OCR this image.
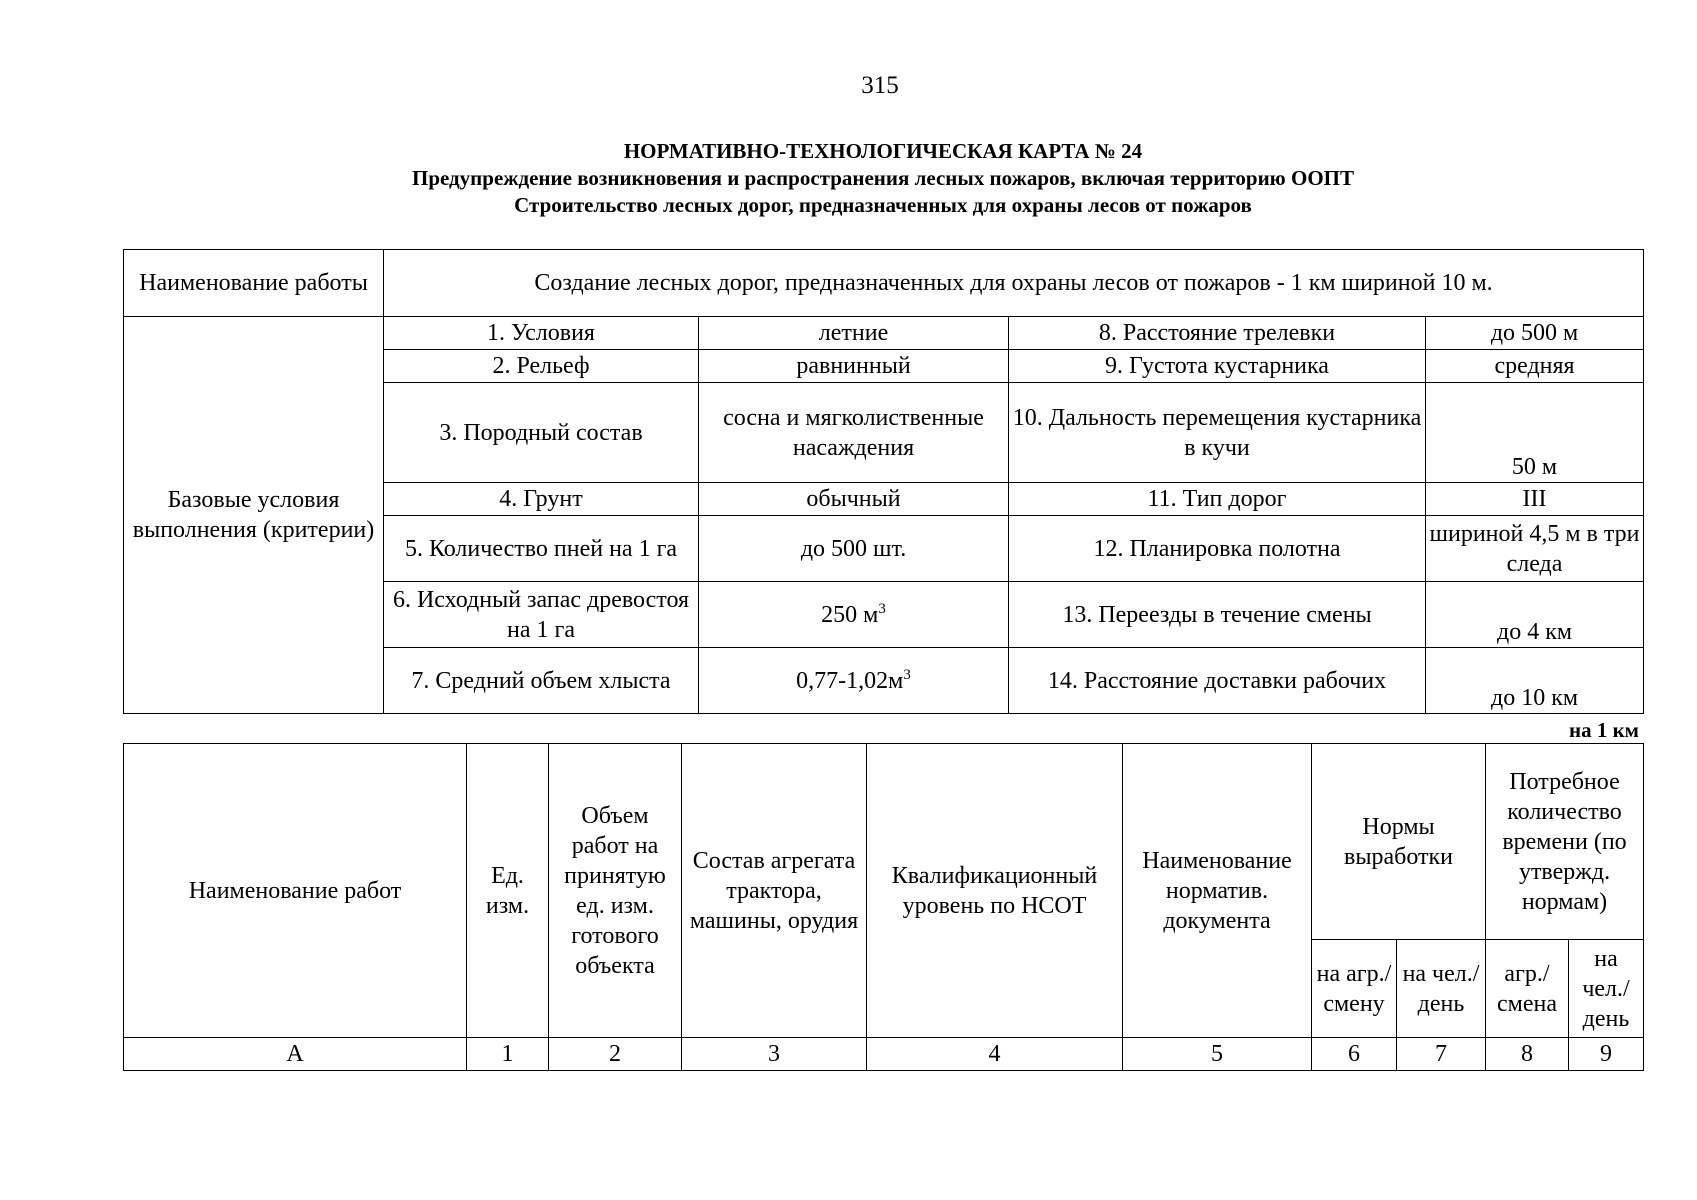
315
НОРМАТИВНО-ТЕХНОЛОГИЧЕСКАЯ КАРТА № 24
Предупреждение возникновения и распространения лесных пожаров, включая территорию ООПТ
Строительство лесных дорог, предназначенных для охраны лесов от пожаров
Наименование работы	Создание лесных дорог, предназначенных для охраны лесов от пожаров - 1 км шириной 10 м.			
Базовые условия выполнения (критерии)	1. Условия	летние	8. Расстояние трелевки	до 500 м
	2. Рельеф	равнинный	9. Густота кустарника	средняя
	3. Породный состав	сосна и мягколиственные насаждения	10. Дальность перемещения кустарника в кучи	50 м
	4. Грунт	обычный	11. Тип дорог	III
	5. Количество пней на 1 га	до 500 шт.	12. Планировка полотна	шириной 4,5 м в три следа
	6. Исходный запас древостоя на 1 га	250 $м^3$	13. Переезды в течение смены	до 4 км
	7. Средний объем хлыста	$0,77-1,02м^3$	14. Расстояние доставки рабочих	до 10 км
на 1 км
Наименование работ	Ед. изм.	Объем работ на принятую ед. изм. готового объекта	Состав агрегата трактора, машины, орудия	Квалификационный уровень по НСОТ	Наименование норматив. документа	Нормы выработки		Потребное количество времени (по утвержд. нормам)	
						на агр./ смену	на чел./ день	агр./ смена	на чел./ день
А	1	2	3	4	5	6	7	8	9
